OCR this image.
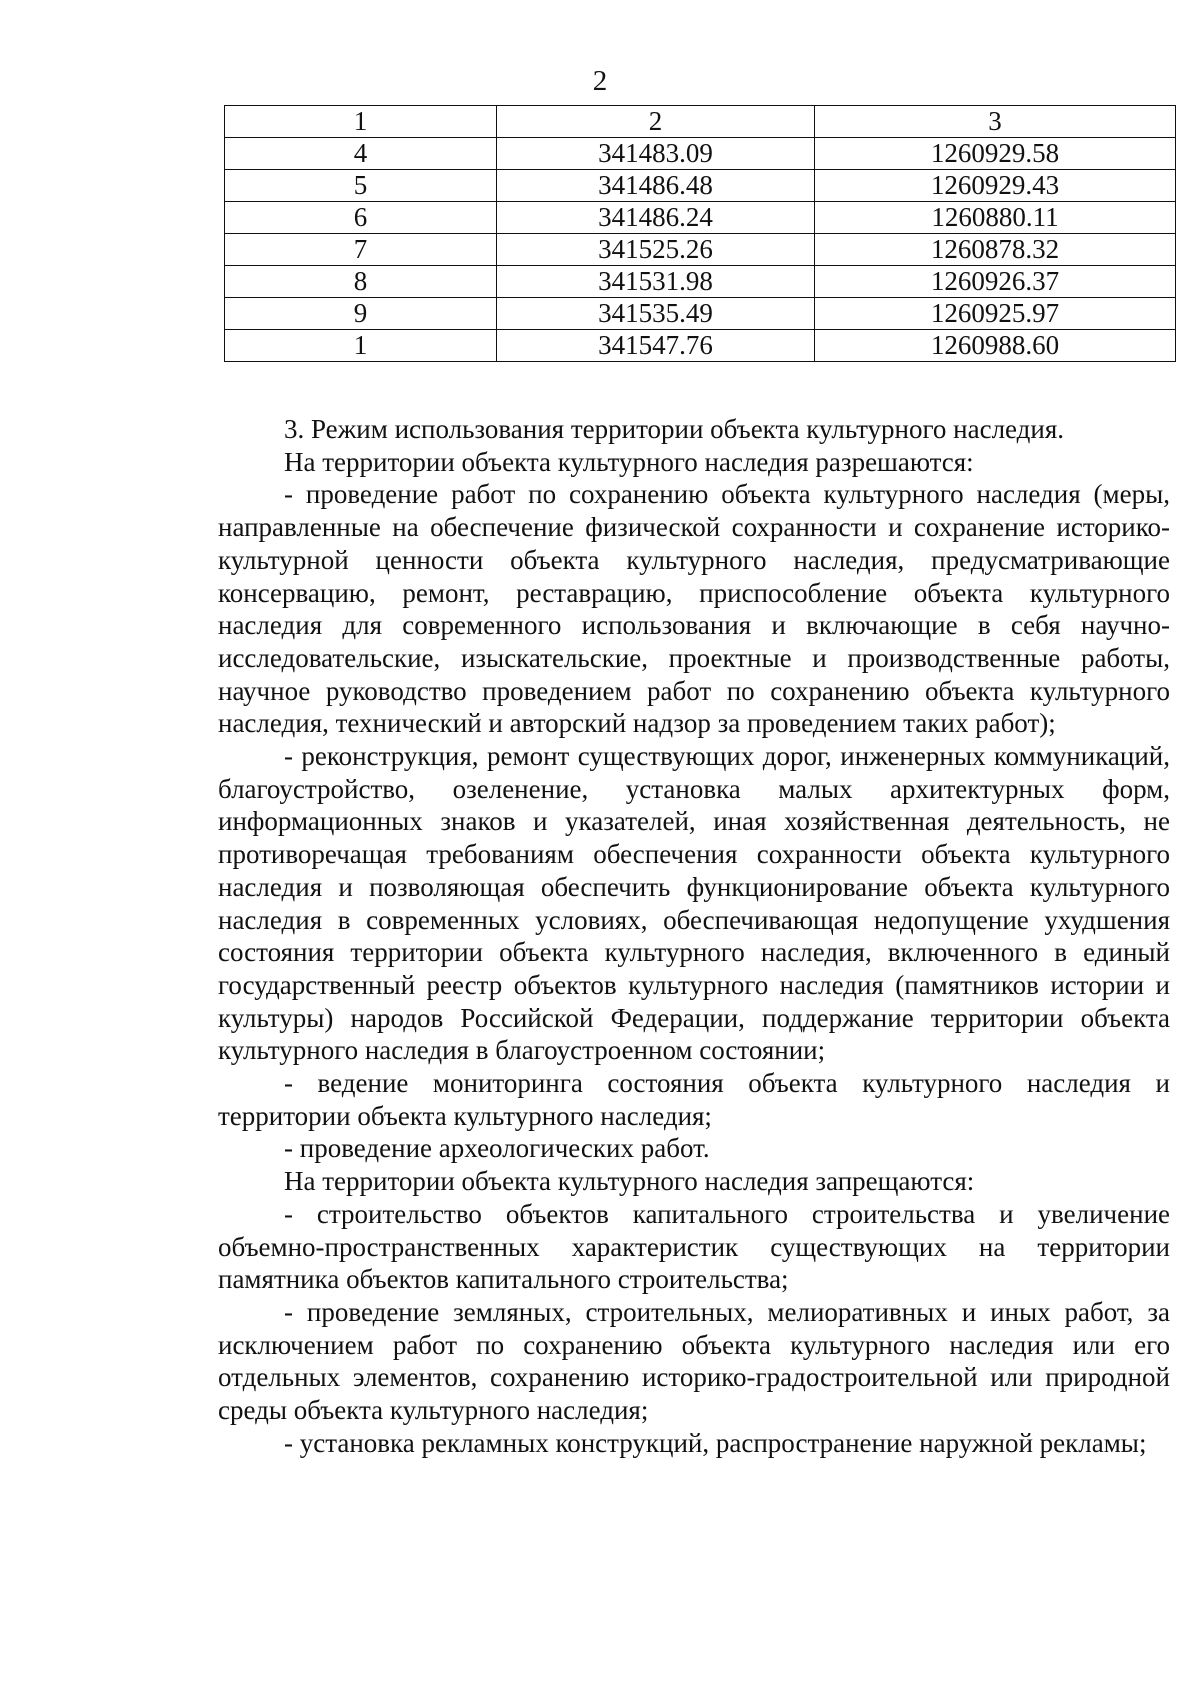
2
1	2	3
4	341483.09	1260929.58
5	341486.48	1260929.43
6	341486.24	1260880.11
7	341525.26	1260878.32
8	341531.98	1260926.37
9	341535.49	1260925.97
1	341547.76	1260988.60

3. Режим использования территории объекта культурного наследия.

На территории объекта культурного наследия разрешаются:

- проведение работ по сохранению объекта культурного наследия (меры, направленные на обеспечение физической сохранности и сохранение историко-культурной ценности объекта культурного наследия, предусматривающие консервацию, ремонт, реставрацию, приспособление объекта культурного наследия для современного использования и включающие в себя научно-исследовательские, изыскательские, проектные и производственные работы, научное руководство проведением работ по сохранению объекта культурного наследия, технический и авторский надзор за проведением таких работ);

- реконструкция, ремонт существующих дорог, инженерных коммуникаций, благоустройство, озеленение, установка малых архитектурных форм, информационных знаков и указателей, иная хозяйственная деятельность, не противоречащая требованиям обеспечения сохранности объекта культурного наследия и позволяющая обеспечить функционирование объекта культурного наследия в современных условиях, обеспечивающая недопущение ухудшения состояния территории объекта культурного наследия, включенного в единый государственный реестр объектов культурного наследия (памятников истории и культуры) народов Российской Федерации, поддержание территории объекта культурного наследия в благоустроенном состоянии;

- ведение мониторинга состояния объекта культурного наследия и территории объекта культурного наследия;

- проведение археологических работ.

На территории объекта культурного наследия запрещаются:

- строительство объектов капитального строительства и увеличение объемно-пространственных характеристик существующих на территории памятника объектов капитального строительства;

- проведение земляных, строительных, мелиоративных и иных работ, за исключением работ по сохранению объекта культурного наследия или его отдельных элементов, сохранению историко-градостроительной или природной среды объекта культурного наследия;

- установка рекламных конструкций, распространение наружной рекламы;
